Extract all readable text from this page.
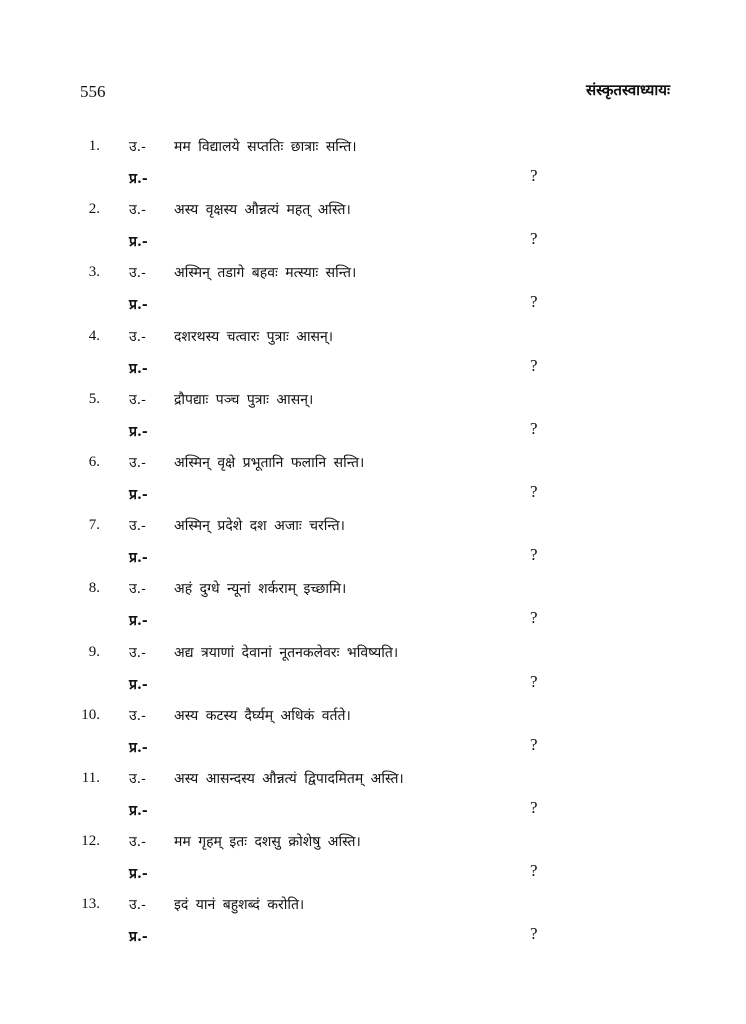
556	संस्कृतस्वाध्यायः
1. उ.- मम विद्यालये सप्ततिः छात्राः सन्ति।
प्र.-	?
2. उ.- अस्य वृक्षस्य औन्नत्यं महत् अस्ति।
प्र.-	?
3. उ.- अस्मिन् तडागे बहवः मत्स्याः सन्ति।
प्र.-	?
4. उ.- दशरथस्य चत्वारः पुत्राः आसन्।
प्र.-	?
5. उ.- द्रौपद्याः पञ्च पुत्राः आसन्।
प्र.-	?
6. उ.- अस्मिन् वृक्षे प्रभूतानि फलानि सन्ति।
प्र.-	?
7. उ.- अस्मिन् प्रदेशे दश अजाः चरन्ति।
प्र.-	?
8. उ.- अहं दुग्धे न्यूनां शर्कराम् इच्छामि।
प्र.-	?
9. उ.- अद्य त्रयाणां देवानां नूतनकलेवरः भविष्यति।
प्र.-	?
10. उ.- अस्य कटस्य दैर्घ्यम् अधिकं वर्तते।
प्र.-	?
11. उ.- अस्य आसन्दस्य औन्नत्यं द्विपादमितम् अस्ति।
प्र.-	?
12. उ.- मम गृहम् इतः दशसु क्रोशेषु अस्ति।
प्र.-	?
13. उ.- इदं यानं बहुशब्दं करोति।
प्र.-	?
